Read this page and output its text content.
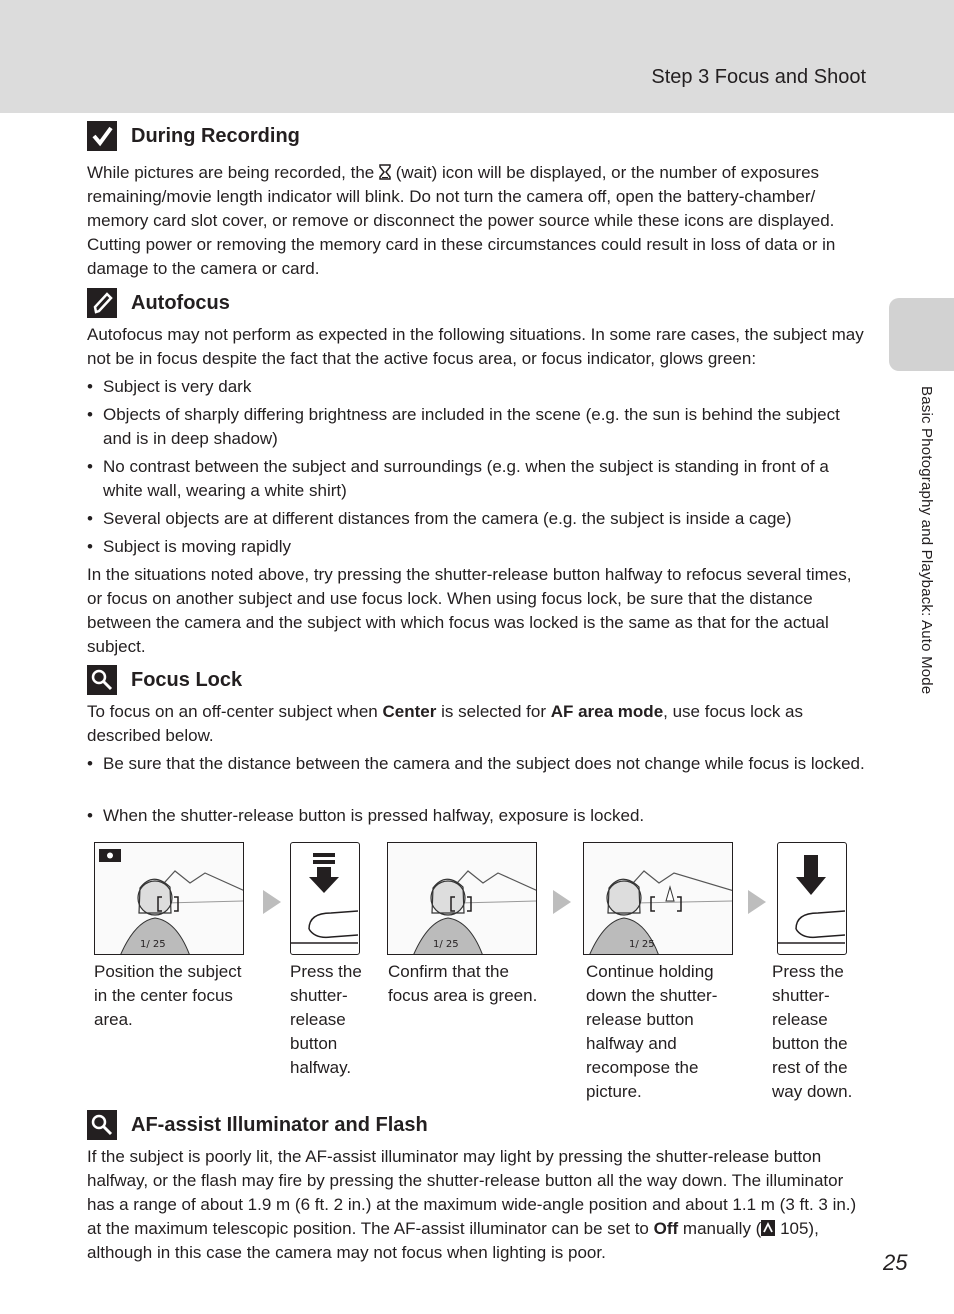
Step 3 Focus and Shoot
Basic Photography and Playback: Auto Mode
During Recording

While pictures are being recorded, the (wait) icon will be displayed, or the number of exposures remaining/movie length indicator will blink. Do not turn the camera off, open the battery-chamber/ memory card slot cover, or remove or disconnect the power source while these icons are displayed. Cutting power or removing the memory card in these circumstances could result in loss of data or in damage to the camera or card.

Autofocus

Autofocus may not perform as expected in the following situations. In some rare cases, the subject may not be in focus despite the fact that the active focus area, or focus indicator, glows green:

• Subject is very dark
• Objects of sharply differing brightness are included in the scene (e.g. the sun is behind the subject and is in deep shadow)
• No contrast between the subject and surroundings (e.g. when the subject is standing in front of a white wall, wearing a white shirt)
• Several objects are at different distances from the camera (e.g. the subject is inside a cage)
• Subject is moving rapidly

In the situations noted above, try pressing the shutter-release button halfway to refocus several times, or focus on another subject and use focus lock. When using focus lock, be sure that the distance between the camera and the subject with which focus was locked is the same as that for the actual subject.

Focus Lock

To focus on an off-center subject when Center is selected for AF area mode, use focus lock as described below.

• Be sure that the distance between the camera and the subject does not change while focus is locked.
• When the shutter-release button is pressed halfway, exposure is locked.
1/ 25	1/ 25	1/ 25
Position the subject
in the center focus
area.
Press the
shutter-
release
button
halfway.
Confirm that the
focus area is green.
Continue holding
down the shutter-
release button
halfway and
recompose the
picture.
Press the
shutter-
release
button the
rest of the
way down.
AF-assist Illuminator and Flash

If the subject is poorly lit, the AF-assist illuminator may light by pressing the shutter-release button halfway, or the flash may fire by pressing the shutter-release button all the way down. The illuminator has a range of about 1.9 m (6 ft. 2 in.) at the maximum wide-angle position and about 1.1 m (3 ft. 3 in.) at the maximum telescopic position. The AF-assist illuminator can be set to Off manually ( 105), although in this case the camera may not focus when lighting is poor.	25
